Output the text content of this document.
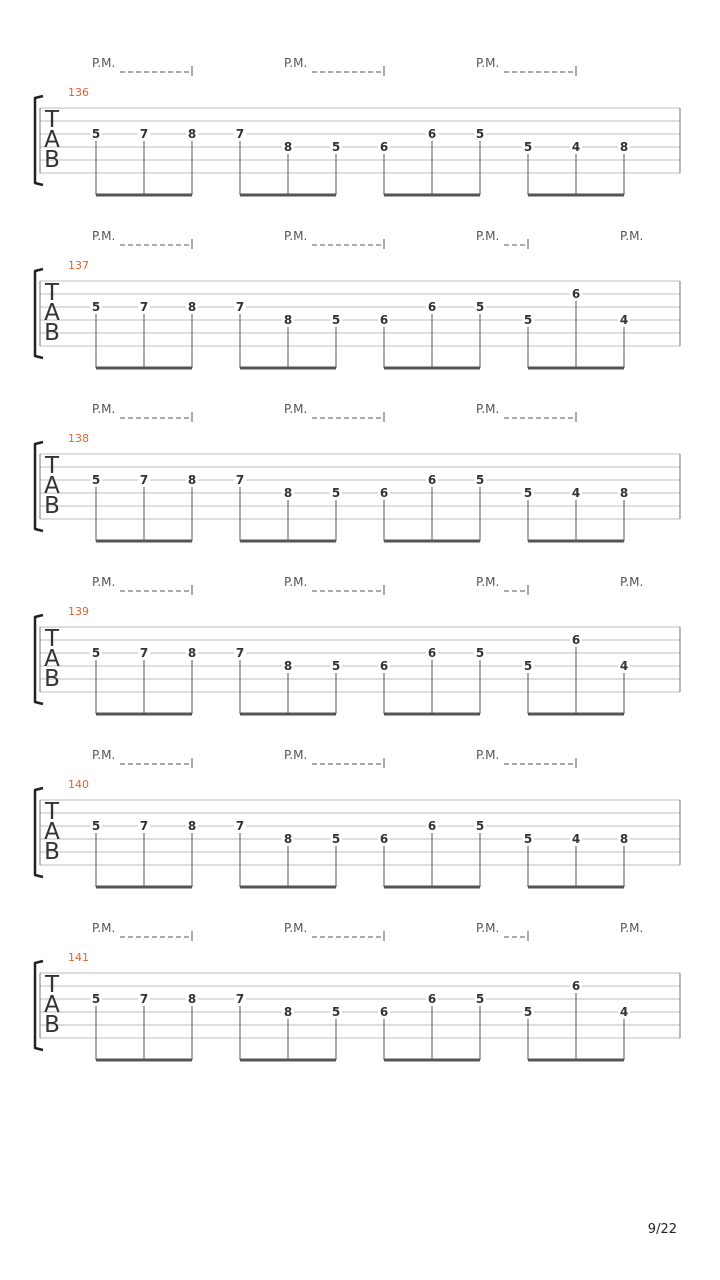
136
T
A
B
P.M.	P.M.	P.M.
5	7	8	7
8	5	6
6	5
5	4	8
137
T
A
B
P.M.	P.M.	P.M.	P.M.
5	7	8	7
8	5	6
6	5
5
6
4
138
T
A
B
P.M.	P.M.	P.M.
5	7	8	7
8	5	6
6	5
5	4	8
139
T
A
B
P.M.	P.M.	P.M.	P.M.
5	7	8	7
8	5	6
6	5
5
6
4
140
T
A
B
P.M.	P.M.	P.M.
5	7	8	7
8	5	6
6	5
5	4	8
141
T
A
B
P.M.	P.M.	P.M.	P.M.
5	7	8	7
8	5	6
6	5
5
6
4
9/22
